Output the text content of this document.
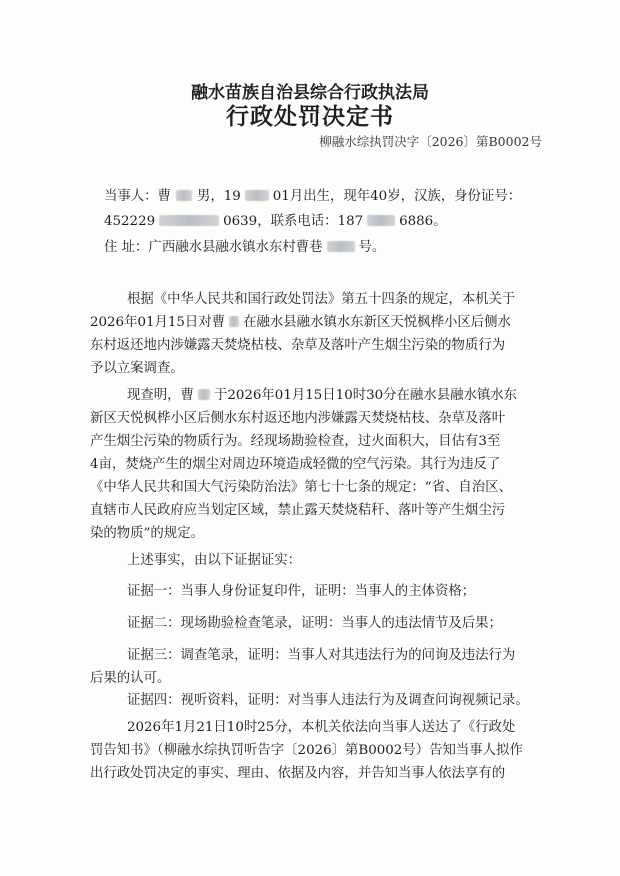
融水苗族自治县综合行政执法局
行政处罚决定书
柳融水综执罚决字〔2026〕第B0002号
当事人：曹 男，19 01月出生，现年40岁，汉族，身份证号：
452229	0639，联系电话：187	6886。
住 址：广西融水县融水镇水东村曹巷	号。
根据《中华人民共和国行政处罚法》第五十四条的规定，本机关于
2026年01月15日对曹 在融水县融水镇水东新区天悦枫桦小区后侧水
东村返还地内涉嫌露天焚烧枯枝、杂草及落叶产生烟尘污染的物质行为
予以立案调查。
现查明，曹 于2026年01月15日10时30分在融水县融水镇水东
新区天悦枫桦小区后侧水东村返还地内涉嫌露天焚烧枯枝、杂草及落叶
产生烟尘污染的物质行为。经现场勘验检查，过火面积大，目估有3至
4亩，焚烧产生的烟尘对周边环境造成轻微的空气污染。其行为违反了
《中华人民共和国大气污染防治法》第七十七条的规定：“省、自治区、
直辖市人民政府应当划定区域，禁止露天焚烧秸秆、落叶等产生烟尘污
染的物质”的规定。
上述事实，由以下证据证实：
证据一：当事人身份证复印件，证明：当事人的主体资格；
证据二：现场勘验检查笔录，证明：当事人的违法情节及后果；
证据三：调查笔录，证明：当事人对其违法行为的问询及违法行为
后果的认可。
证据四：视听资料，证明：对当事人违法行为及调查问询视频记录。
2026年1月21日10时25分，本机关依法向当事人送达了《行政处
罚告知书》（柳融水综执罚听告字〔2026〕第B0002号）告知当事人拟作
出行政处罚决定的事实、理由、依据及内容，并告知当事人依法享有的
